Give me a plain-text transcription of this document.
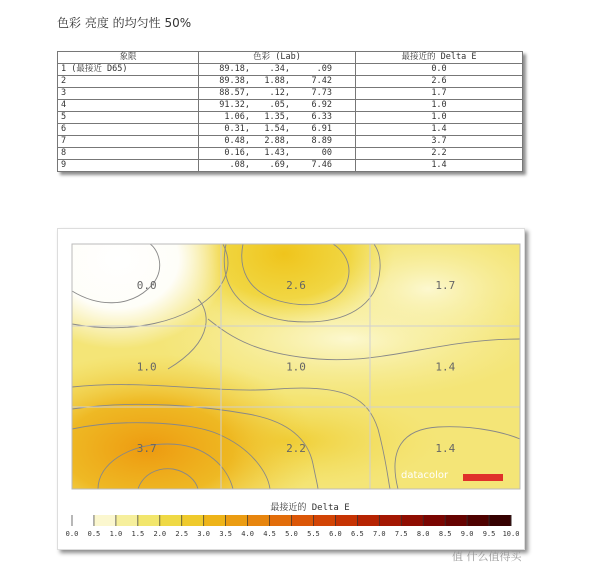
色彩 亮度 的均匀性 50%
象限	色彩 (Lab)	最接近的 Delta E
1 (最接近 D65)	89.18, .34, .09	0.0
2	89.38, 1.88, 7.42	2.6
3	88.57, .12, 7.73	1.7
4	91.32, .05, 6.92	1.0
5	1.06, 1.35, 6.33	1.0
6	0.31, 1.54, 6.91	1.4
7	0.48, 2.88, 8.89	3.7
8	0.16, 1.43, 00	2.2
9	.08, .69, 7.46	1.4
0.0	2.6	1.7
1.0	1.0	1.4
3.7	2.2	1.4
最接近的 Delta E
0.0 0.5 1.0 1.5 2.0 2.5 3.0 3.5 4.0 4.5 5.0 5.5 6.0 6.5 7.0 7.5 8.0 8.5 9.0 9.5 10.0
datacolor
值 什么值得买
